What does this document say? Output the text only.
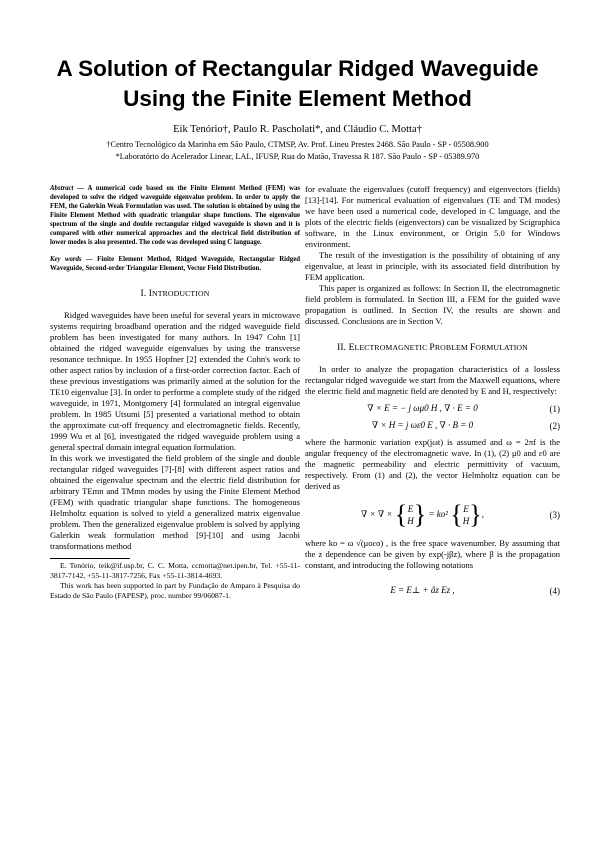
A Solution of Rectangular Ridged Waveguide
Using the Finite Element Method
Eik Tenório†, Paulo R. Pascholati*, and Cláudio C. Motta†
†Centro Tecnológico da Marinha em São Paulo, CTMSP, Av. Prof. Lineu Prestes 2468. São Paulo - SP - 05508.900
*Laboratório do Acelerador Linear, LAL, IFUSP, Rua do Matão, Travessa R 187. São Paulo - SP - 05389.970
Abstract — A numerical code based on the Finite Element Method (FEM) was developed to solve the ridged waveguide eigenvalue problem. In order to apply the FEM, the Galerkin Weak Formulation was used. The solution is obtained by using the Finite Element Method with quadratic triangular shape functions. The eigenvalue spectrum of the single and double rectangular ridged waveguide is shown and it is compared with other numerical approaches and the electrical field distribution of lower modes is also presented. The code was developed using C language.
Key words — Finite Element Method, Ridged Waveguide, Rectangular Ridged Waveguide, Second-order Triangular Element, Vector Field Distribution.
I. INTRODUCTION
Ridged waveguides have been useful for several years in microwave systems requiring broadband operation and the ridged waveguide field problem has been investigated for many authors. In 1947 Cohn [1] obtained the ridged waveguide eigenvalues by using the transverse resonance technique. In 1955 Hopfner [2] extended the Cohn's work to other aspect ratios by inclusion of a first-order correction factor. Each of these previous investigations was primarily aimed at the solution for the TE10 eigenvalue [3]. In order to performe a complete study of the ridged waveguide, in 1971, Montgomery [4] formulated an integral eigenvalue problem. In 1985 Utsumi [5] presented a variational method to obtain the approximate cut-off frequency and electromagnetic fields. Recently, 1999 Wu et al [6], investigated the ridged waveguide problem using a general spectral domain integral equation formulation.
In this work we investigated the field problem of the single and double rectangular ridged waveguides [7]-[8] with different aspect ratios and obtained the eigenvalue spectrum and the electric field distribution for arbitrary TEmn and TMmn modes by using the Finite Element Method (FEM) with quadratic triangular shape functions. The homogeneous Helmholtz equation is solved to yield a generalized matrix eigenvalue problem. Then the generalized eigenvalue problem is solved by applying Galerkin weak formulation method [9]-[10] and using Jacobi transformations method
E. Tenório, teik@if.usp.br, C. C. Motta, ccmotta@net.ipen.br, Tel. +55-11-3817-7142, +55-11-3817-7256, Fax +55-11-3814-4693.
This work has been supported in part by Fundação de Amparo à Pesquisa do Estado de São Paulo (FAPESP), proc. number 99/06087-1.
for evaluate the eigenvalues (cutoff frequency) and eigenvectors (fields) [13]-[14]. For numerical evaluation of eigenvalues (TE and TM modes) we have been used a numerical code, developed in C language, and the plots of the electric fields (eigenvectors) can be visualized by Scigraphica software, in the Linux environment, or Origin 5.0 for Windows environment.
The result of the investigation is the possibility of obtaining of any eigenvalue, at least in principle, with its associated field distribution by FEM application.
This paper is organized as follows: In Section II, the electromagnetic field problem is formulated. In Section III, a FEM for the guided wave propagation is outlined. In Section IV, the results are shown and discussed. Conclusions are in Section V.
II. ELECTROMAGNETIC PROBLEM FORMULATION
In order to analyze the propagation characteristics of a lossless rectangular ridged waveguide we start from the Maxwell equations, where the electric field and magnetic field are denoted by E and H, respectively:
∇ × E = − j ωμ0 H , ∇ · E = 0	(1)
∇ × H = j ωε0 E , ∇ · B = 0	(2)
where the harmonic variation exp(jωt) is assumed and ω = 2πf is the angular frequency of the electromagnetic wave. In (1), (2) μ0 and ε0 are the magnetic permeability and electric permittivity of vacuum, respectively. From (1) and (2), the vector Helmholtz equation can be derived as
∇ × ∇ × { E
H } = ko² { E
H } ,	(3)
where ko = ω √(μoεo) , is the free space wavenumber. By assuming that the z dependence can be given by exp(-jβz), where β is the propagation constant, and introducing the following notations
E = E⊥ + âz Ez ,	(4)
